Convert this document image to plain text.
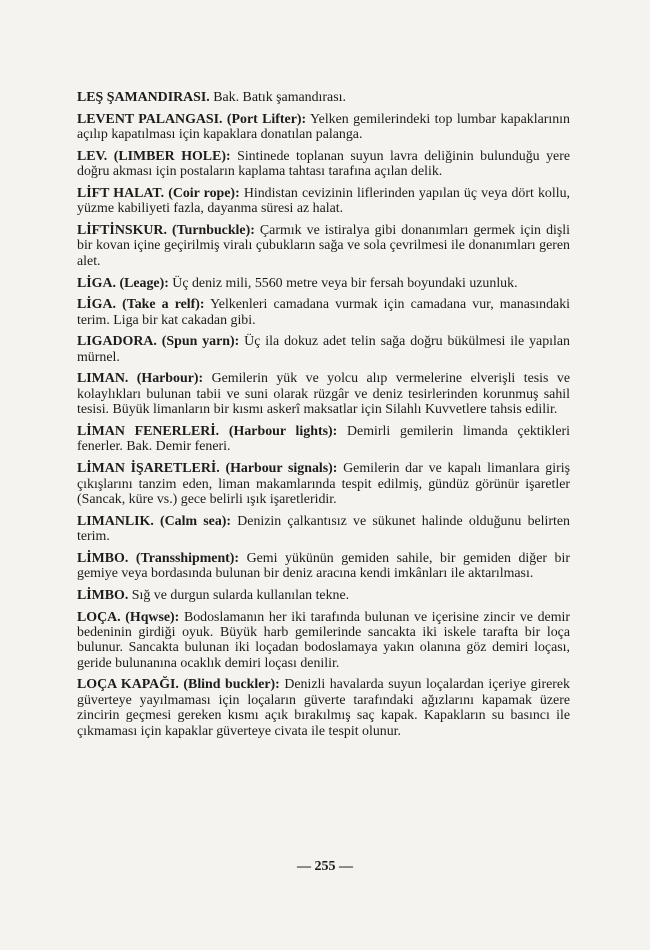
LEŞ ŞAMANDIRASI. Bak. Batık şamandırası.

LEVENT PALANGASI. (Port Lifter): Yelken gemilerindeki top lumbar kapaklarının açılıp kapatılması için kapaklara donatılan palanga.

LEV. (LIMBER HOLE): Sintinede toplanan suyun lavra deliğinin bulunduğu yere doğru akması için postaların kaplama tahtası tarafına açılan delik.

LİFT HALAT. (Coir rope): Hindistan cevizinin liflerinden yapılan üç veya dört kollu, yüzme kabiliyeti fazla, dayanma süresi az halat.

LİFTİNSKUR. (Turnbuckle): Çarmık ve istiralya gibi donanımları germek için dişli bir kovan içine geçirilmiş viralı çubukların sağa ve sola çevrilmesi ile donanımları geren alet.

LİGA. (Leage): Üç deniz mili, 5560 metre veya bir fersah boyundaki uzunluk.

LİGA. (Take a relf): Yelkenleri camadana vurmak için camadana vur, manasındaki terim. Liga bir kat cakadan gibi.

LIGADORA. (Spun yarn): Üç ila dokuz adet telin sağa doğru bükülmesi ile yapılan mürnel.

LIMAN. (Harbour): Gemilerin yük ve yolcu alıp vermelerine elverişli tesis ve kolaylıkları bulunan tabii ve suni olarak rüzgâr ve deniz tesirlerinden korunmuş sahil tesisi. Büyük limanların bir kısmı askerî maksatlar için Silahlı Kuvvetlere tahsis edilir.

LİMAN FENERLERİ. (Harbour lights): Demirli gemilerin limanda çektikleri fenerler. Bak. Demir feneri.

LİMAN İŞARETLERİ. (Harbour signals): Gemilerin dar ve kapalı limanlara giriş çıkışlarını tanzim eden, liman makamlarında tespit edilmiş, gündüz görünür işaretler (Sancak, küre vs.) gece belirli ışık işaretleridir.

LIMANLIK. (Calm sea): Denizin çalkantısız ve sükunet halinde olduğunu belirten terim.

LİMBO. (Transshipment): Gemi yükünün gemiden sahile, bir gemiden diğer bir gemiye veya bordasında bulunan bir deniz aracına kendi imkânları ile aktarılması.

LİMBO. Sığ ve durgun sularda kullanılan tekne.

LOÇA. (Hqwse): Bodoslamanın her iki tarafında bulunan ve içerisine zincir ve demir bedeninin girdiği oyuk. Büyük harb gemilerinde sancakta iki iskele tarafta bir loça bulunur. Sancakta bulunan iki loçadan bodoslamaya yakın olanına göz demiri loçası, geride bulunanına ocaklık demiri loçası denilir.

LOÇA KAPAĞI. (Blind buckler): Denizli havalarda suyun loçalardan içeriye girerek güverteye yayılmaması için loçaların güverte tarafındaki ağızlarını kapamak üzere zincirin geçmesi gereken kısmı açık bırakılmış saç kapak. Kapakların su basıncı ile çıkmaması için kapaklar güverteye civata ile tespit olunur.

— 255 —
